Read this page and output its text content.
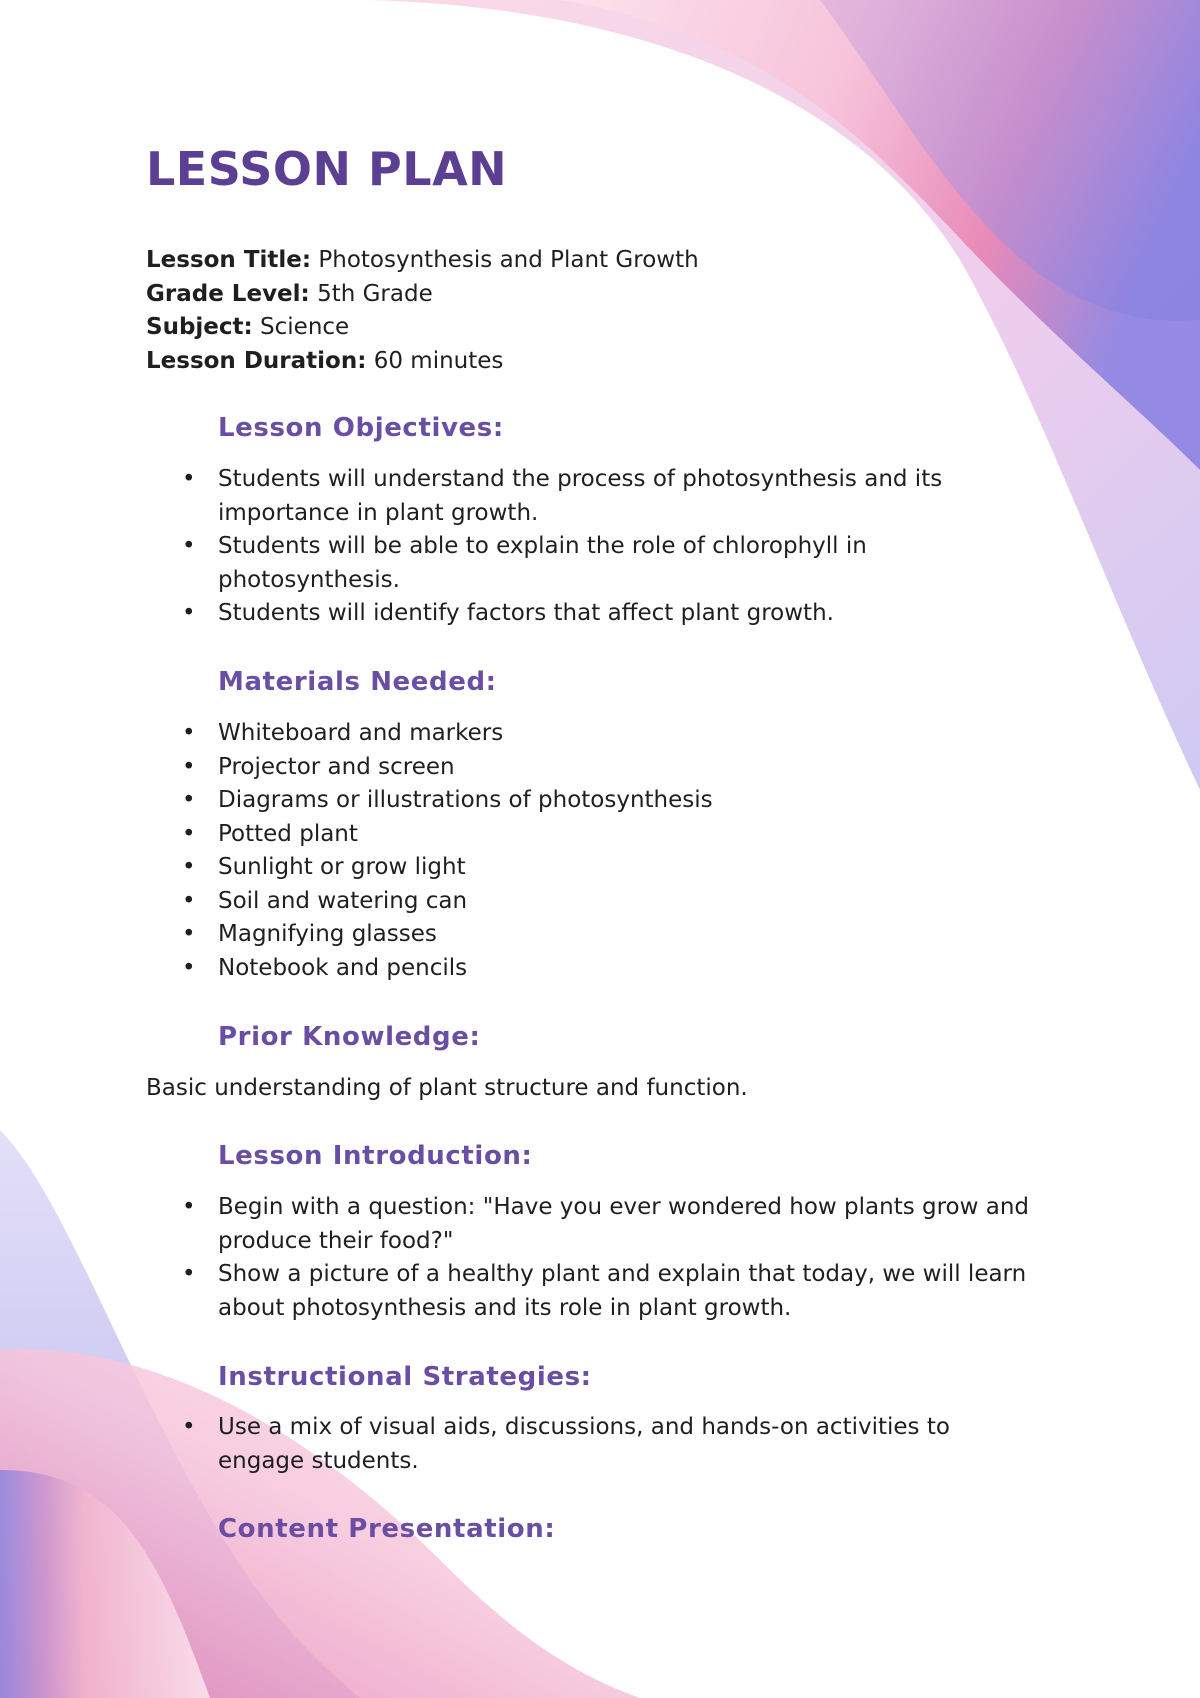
LESSON PLAN
Lesson Title: Photosynthesis and Plant Growth
Grade Level: 5th Grade
Subject: Science
Lesson Duration: 60 minutes
Lesson Objectives:
• Students will understand the process of photosynthesis and its importance in plant growth.
• Students will be able to explain the role of chlorophyll in photosynthesis.
• Students will identify factors that affect plant growth.
Materials Needed:
• Whiteboard and markers
• Projector and screen
• Diagrams or illustrations of photosynthesis
• Potted plant
• Sunlight or grow light
• Soil and watering can
• Magnifying glasses
• Notebook and pencils
Prior Knowledge:

Basic understanding of plant structure and function.

Lesson Introduction:
• Begin with a question: "Have you ever wondered how plants grow and produce their food?"
• Show a picture of a healthy plant and explain that today, we will learn about photosynthesis and its role in plant growth.
Instructional Strategies:
• Use a mix of visual aids, discussions, and hands-on activities to engage students.
Content Presentation:
